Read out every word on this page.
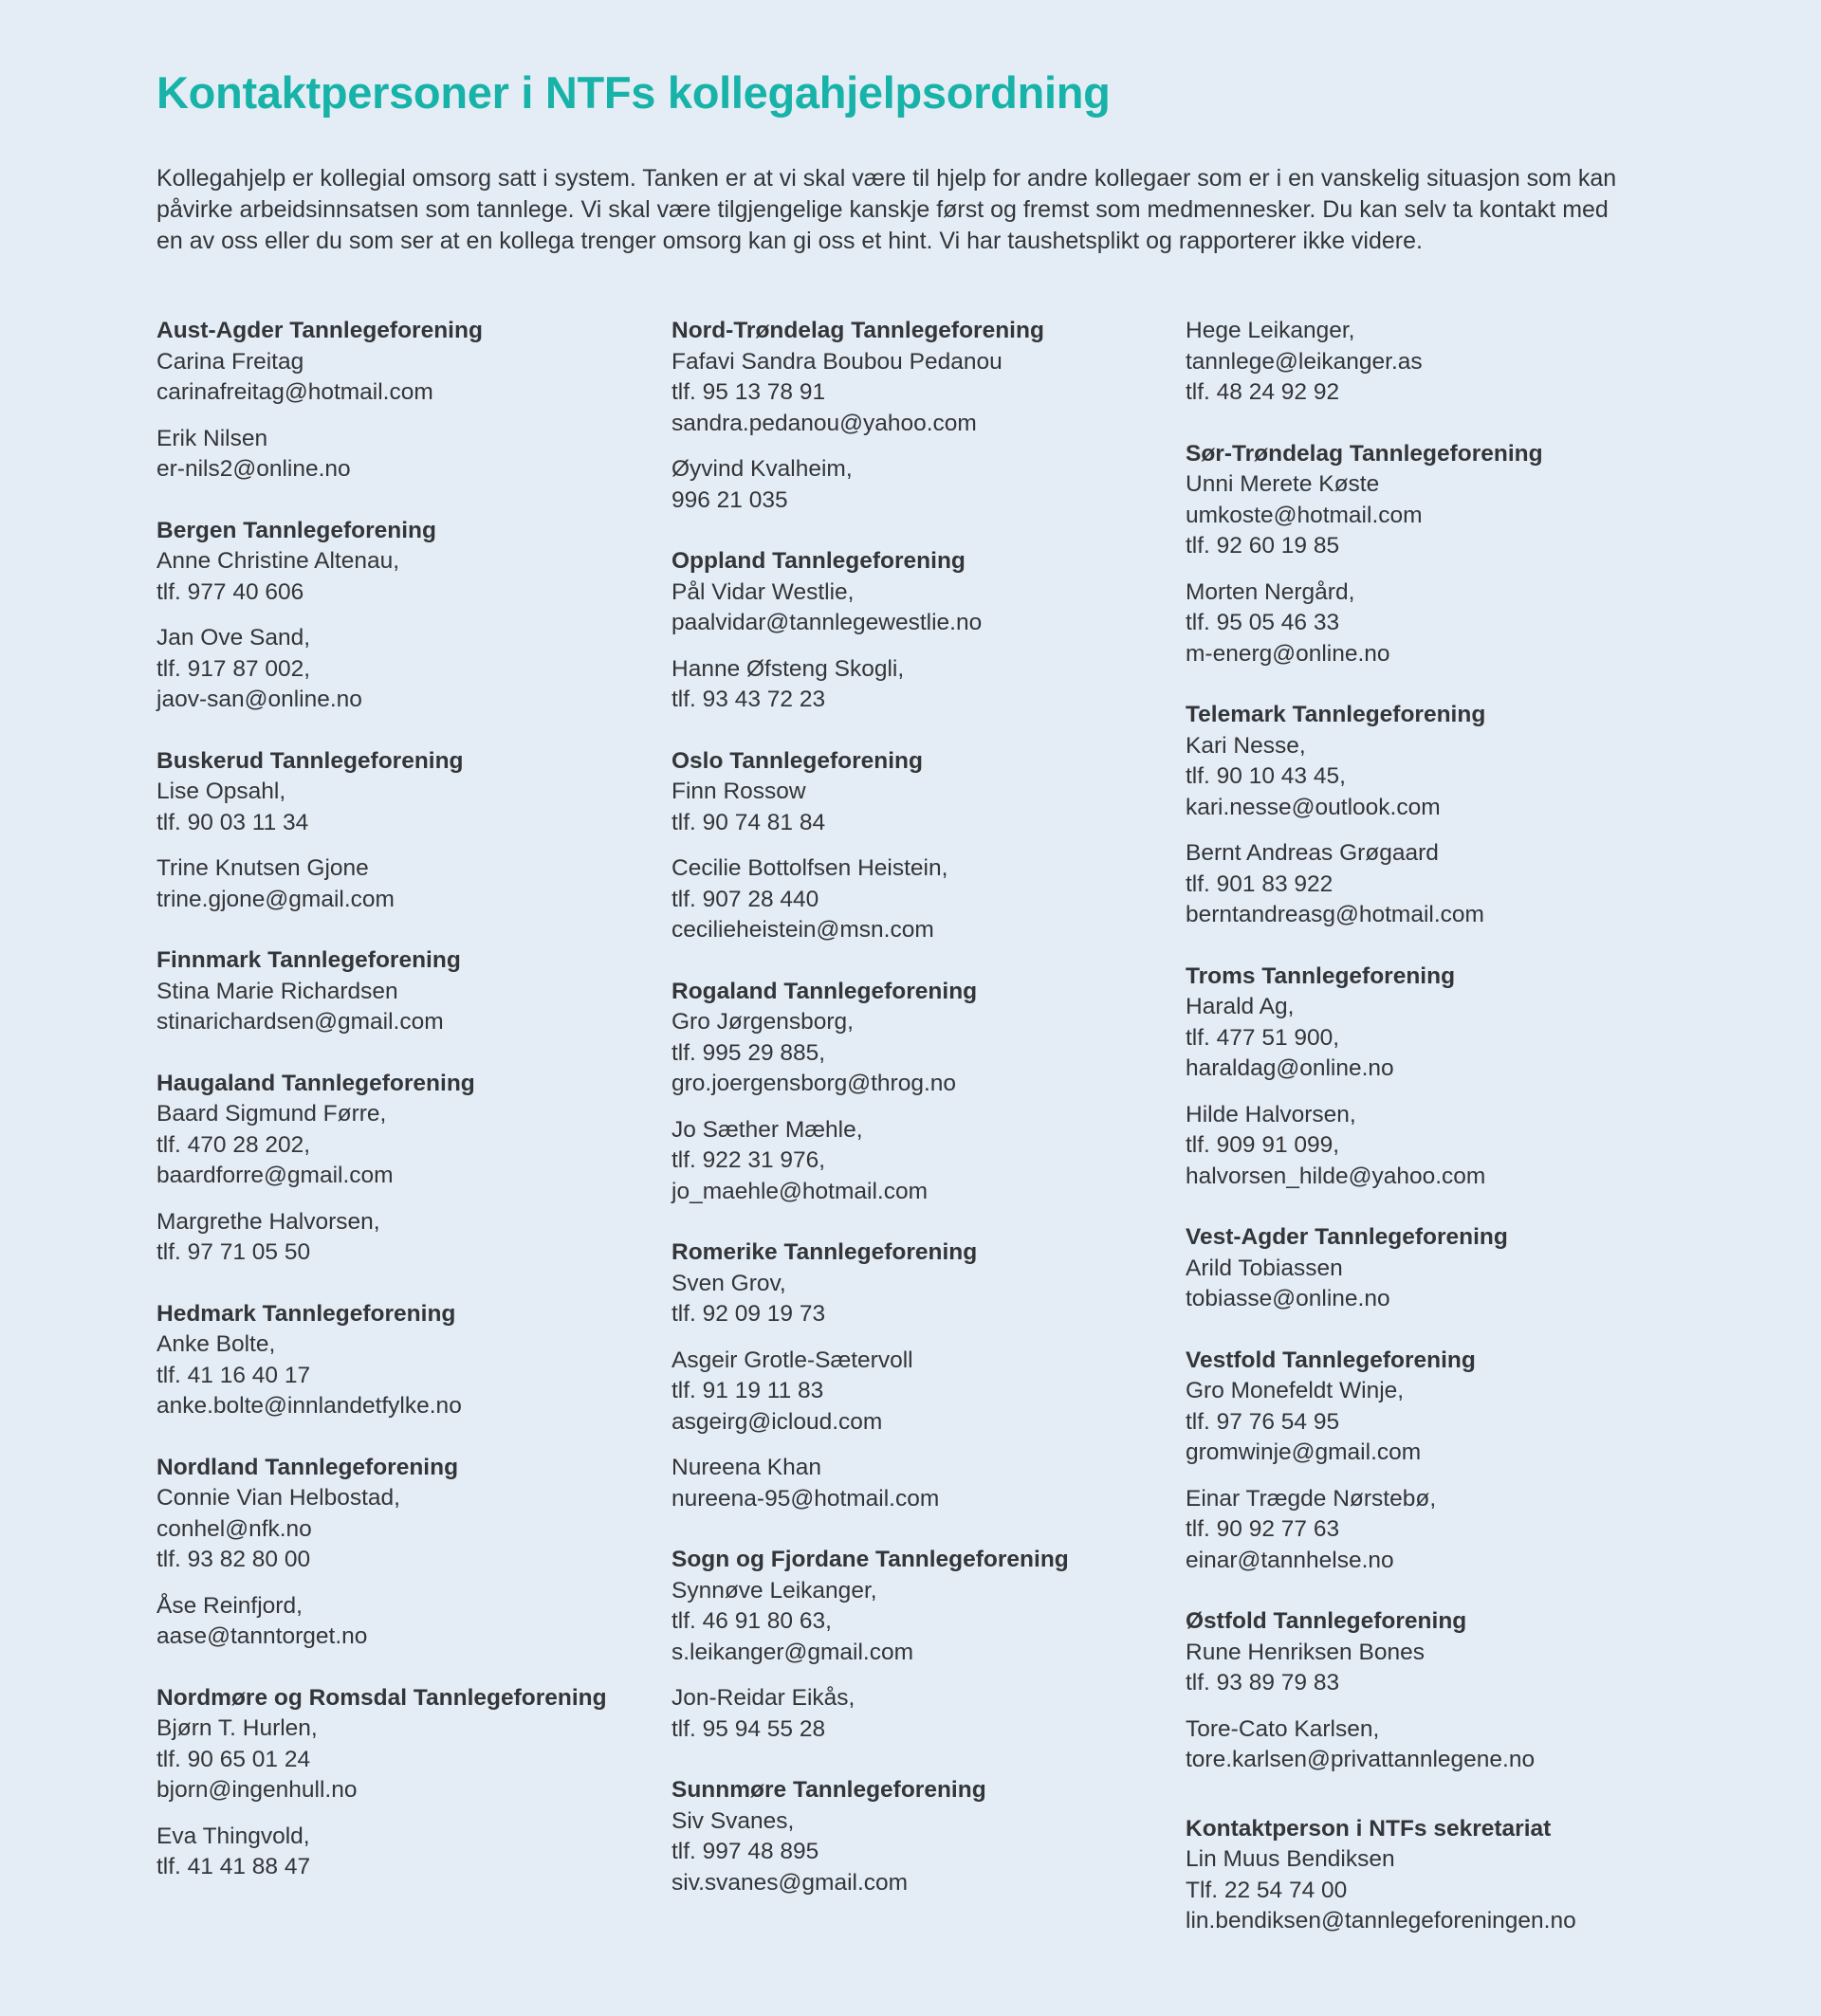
Kontaktpersoner i NTFs kollegahjelpsordning
Kollegahjelp er kollegial omsorg satt i system. Tanken er at vi skal være til hjelp for andre kollegaer som er i en vanskelig situasjon som kan
påvirke arbeidsinnsatsen som tannlege. Vi skal være tilgjengelige kanskje først og fremst som medmennesker. Du kan selv ta kontakt med
en av oss eller du som ser at en kollega trenger omsorg kan gi oss et hint. Vi har taushetsplikt og rapporterer ikke videre.
Aust-Agder Tannlegeforening
Carina Freitag
carinafreitag@hotmail.com
Erik Nilsen
er-nils2@online.no
Bergen Tannlegeforening
Anne Christine Altenau,
tlf. 977 40 606
Jan Ove Sand,
tlf. 917 87 002,
jaov-san@online.no
Buskerud Tannlegeforening
Lise Opsahl,
tlf. 90 03 11 34
Trine Knutsen Gjone
trine.gjone@gmail.com
Finnmark Tannlegeforening
Stina Marie Richardsen
stinarichardsen@gmail.com
Haugaland Tannlegeforening
Baard Sigmund Førre,
tlf. 470 28 202,
baardforre@gmail.com
Margrethe Halvorsen,
tlf. 97 71 05 50
Hedmark Tannlegeforening
Anke Bolte,
tlf. 41 16 40 17
anke.bolte@innlandetfylke.no
Nordland Tannlegeforening
Connie Vian Helbostad,
conhel@nfk.no
tlf. 93 82 80 00
Åse Reinfjord,
aase@tanntorget.no
Nordmøre og Romsdal Tannlegeforening
Bjørn T. Hurlen,
tlf. 90 65 01 24
bjorn@ingenhull.no
Eva Thingvold,
tlf. 41 41 88 47
Nord-Trøndelag Tannlegeforening
Fafavi Sandra Boubou Pedanou
tlf. 95 13 78 91
sandra.pedanou@yahoo.com
Øyvind Kvalheim,
996 21 035
Oppland Tannlegeforening
Pål Vidar Westlie,
paalvidar@tannlegewestlie.no
Hanne Øfsteng Skogli,
tlf. 93 43 72 23
Oslo Tannlegeforening
Finn Rossow
tlf. 90 74 81 84
Cecilie Bottolfsen Heistein,
tlf. 907 28 440
cecilieheistein@msn.com
Rogaland Tannlegeforening
Gro Jørgensborg,
tlf. 995 29 885,
gro.joergensborg@throg.no
Jo Sæther Mæhle,
tlf. 922 31 976,
jo_maehle@hotmail.com
Romerike Tannlegeforening
Sven Grov,
tlf. 92 09 19 73
Asgeir Grotle-Sætervoll
tlf. 91 19 11 83
asgeirg@icloud.com
Nureena Khan
nureena-95@hotmail.com
Sogn og Fjordane Tannlegeforening
Synnøve Leikanger,
tlf. 46 91 80 63,
s.leikanger@gmail.com
Jon-Reidar Eikås,
tlf. 95 94 55 28
Sunnmøre Tannlegeforening
Siv Svanes,
tlf. 997 48 895
siv.svanes@gmail.com
Hege Leikanger,
tannlege@leikanger.as
tlf. 48 24 92 92
Sør-Trøndelag Tannlegeforening
Unni Merete Køste
umkoste@hotmail.com
tlf. 92 60 19 85
Morten Nergård,
tlf. 95 05 46 33
m-energ@online.no
Telemark Tannlegeforening
Kari Nesse,
tlf. 90 10 43 45,
kari.nesse@outlook.com
Bernt Andreas Grøgaard
tlf. 901 83 922
berntandreasg@hotmail.com
Troms Tannlegeforening
Harald Ag,
tlf. 477 51 900,
haraldag@online.no
Hilde Halvorsen,
tlf. 909 91 099,
halvorsen_hilde@yahoo.com
Vest-Agder Tannlegeforening
Arild Tobiassen
tobiasse@online.no
Vestfold Tannlegeforening
Gro Monefeldt Winje,
tlf. 97 76 54 95
gromwinje@gmail.com
Einar Trægde Nørstebø,
tlf. 90 92 77 63
einar@tannhelse.no
Østfold Tannlegeforening
Rune Henriksen Bones
tlf. 93 89 79 83
Tore-Cato Karlsen,
tore.karlsen@privattannlegene.no
Kontaktperson i NTFs sekretariat
Lin Muus Bendiksen
Tlf. 22 54 74 00
lin.bendiksen@tannlegeforeningen.no
